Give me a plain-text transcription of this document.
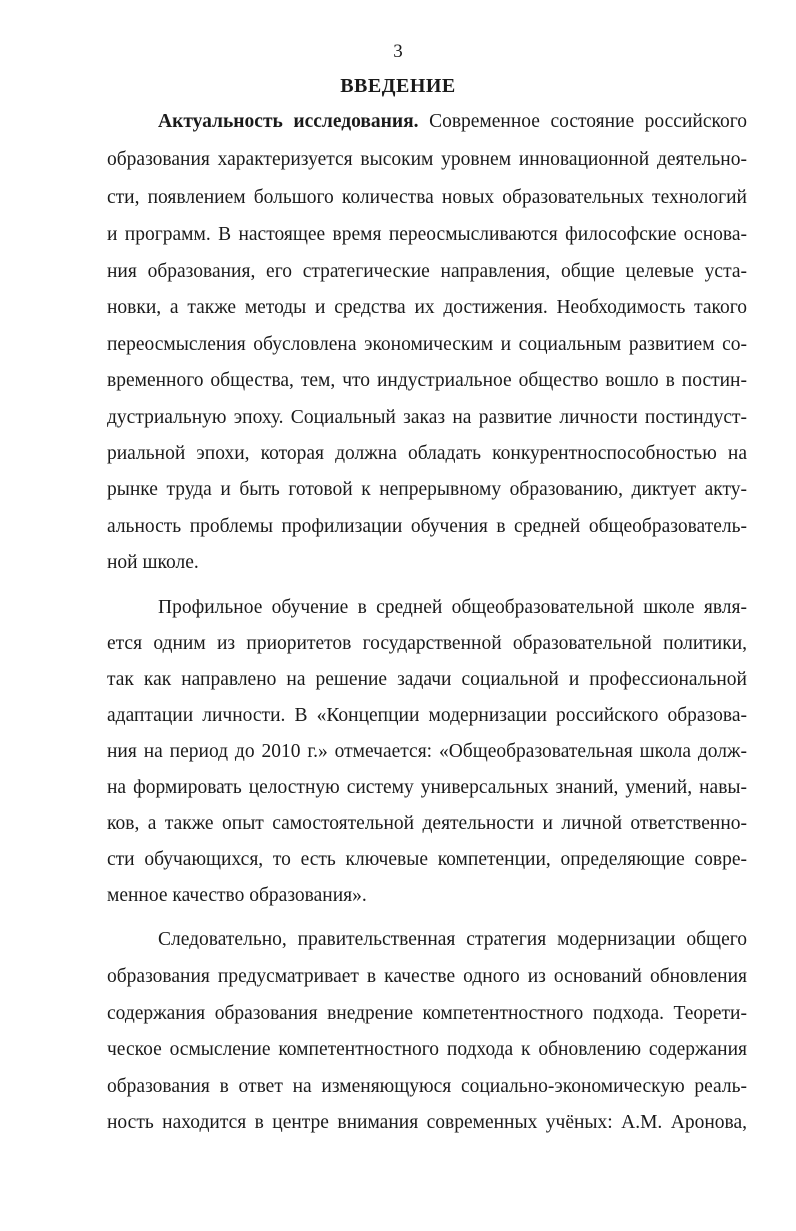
3
ВВЕДЕНИЕ
Актуальность исследования. Современное состояние российского
образования характеризуется высоким уровнем инновационной деятельно-
сти, появлением большого количества новых образовательных технологий
и программ. В настоящее время переосмысливаются философские основа-
ния образования, его стратегические направления, общие целевые уста-
новки, а также методы и средства их достижения. Необходимость такого
переосмысления обусловлена экономическим и социальным развитием со-
временного общества, тем, что индустриальное общество вошло в постин-
дустриальную эпоху. Социальный заказ на развитие личности постиндуст-
риальной эпохи, которая должна обладать конкурентноспособностью на
рынке труда и быть готовой к непрерывному образованию, диктует акту-
альность проблемы профилизации обучения в средней общеобразователь-
ной школе.
Профильное обучение в средней общеобразовательной школе явля-
ется одним из приоритетов государственной образовательной политики,
так как направлено на решение задачи социальной и профессиональной
адаптации личности. В «Концепции модернизации российского образова-
ния на период до 2010 г.» отмечается: «Общеобразовательная школа долж-
на формировать целостную систему универсальных знаний, умений, навы-
ков, а также опыт самостоятельной деятельности и личной ответственно-
сти обучающихся, то есть ключевые компетенции, определяющие совре-
менное качество образования».
Следовательно, правительственная стратегия модернизации общего
образования предусматривает в качестве одного из оснований обновления
содержания образования внедрение компетентностного подхода. Теорети-
ческое осмысление компетентностного подхода к обновлению содержания
образования в ответ на изменяющуюся социально-экономическую реаль-
ность находится в центре внимания современных учёных: А.М. Аронова,
